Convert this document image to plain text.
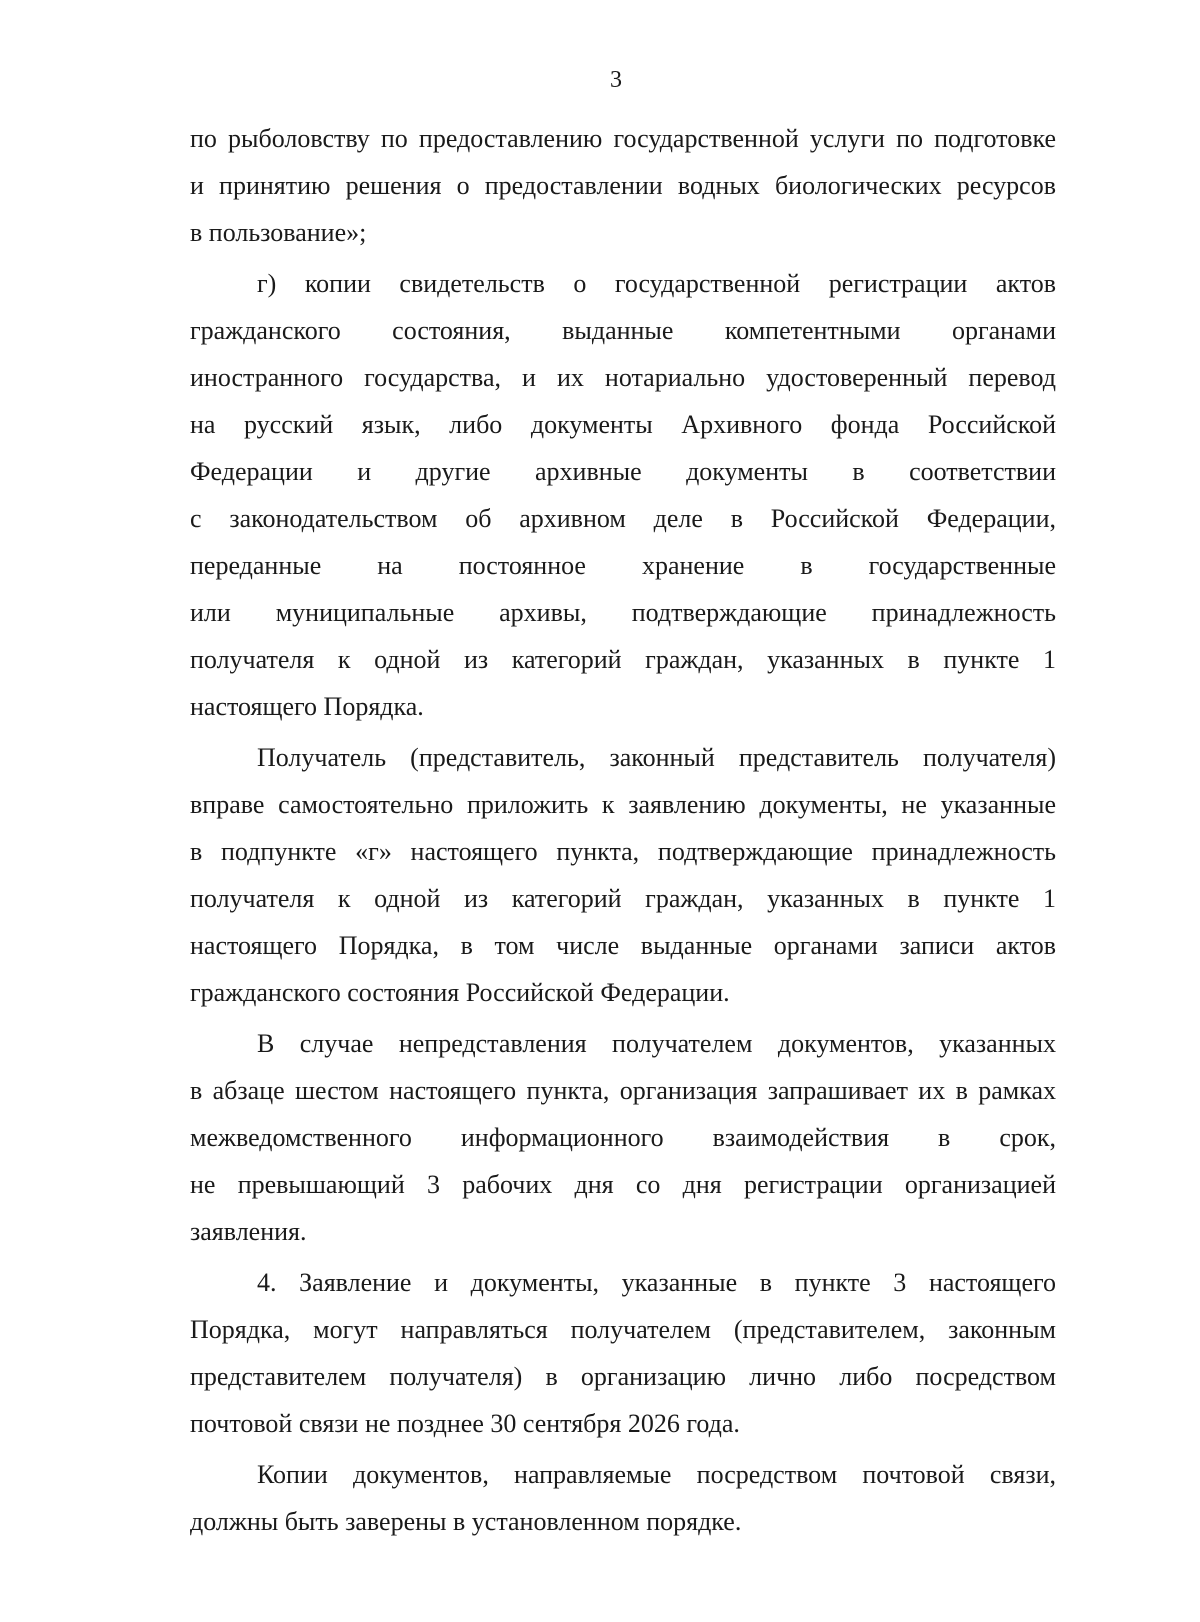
3
по рыболовству по предоставлению государственной услуги по подготовке
и принятию решения о предоставлении водных биологических ресурсов
в пользование»;
г) копии свидетельств о государственной регистрации актов
гражданского состояния, выданные компетентными органами
иностранного государства, и их нотариально удостоверенный перевод
на русский язык, либо документы Архивного фонда Российской
Федерации и другие архивные документы в соответствии
с законодательством об архивном деле в Российской Федерации,
переданные на постоянное хранение в государственные
или муниципальные архивы, подтверждающие принадлежность
получателя к одной из категорий граждан, указанных в пункте 1
настоящего Порядка.
Получатель (представитель, законный представитель получателя)
вправе самостоятельно приложить к заявлению документы, не указанные
в подпункте «г» настоящего пункта, подтверждающие принадлежность
получателя к одной из категорий граждан, указанных в пункте 1
настоящего Порядка, в том числе выданные органами записи актов
гражданского состояния Российской Федерации.
В случае непредставления получателем документов, указанных
в абзаце шестом настоящего пункта, организация запрашивает их в рамках
межведомственного информационного взаимодействия в срок,
не превышающий 3 рабочих дня со дня регистрации организацией
заявления.
4. Заявление и документы, указанные в пункте 3 настоящего
Порядка, могут направляться получателем (представителем, законным
представителем получателя) в организацию лично либо посредством
почтовой связи не позднее 30 сентября 2026 года.
Копии документов, направляемые посредством почтовой связи,
должны быть заверены в установленном порядке.
